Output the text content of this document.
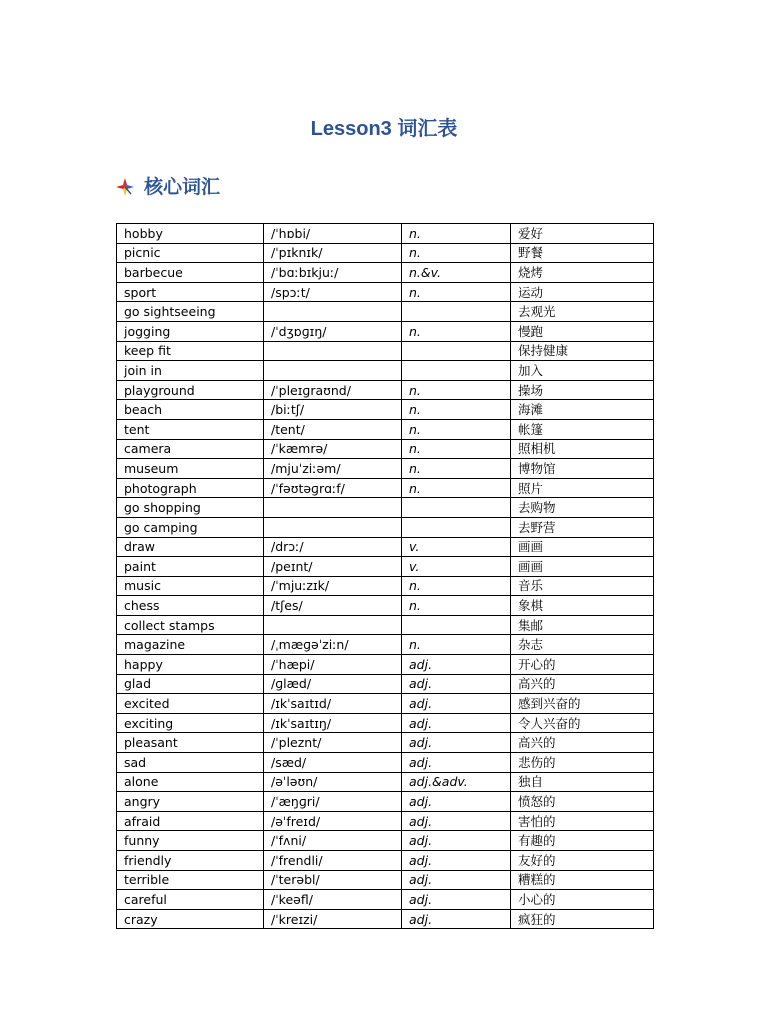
Lesson3 词汇表
核心词汇
hobby	/ˈhɒbi/	n.	爱好
picnic	/ˈpɪknɪk/	n.	野餐
barbecue	/ˈbɑːbɪkjuː/	n.&v.	烧烤
sport	/spɔːt/	n.	运动
go sightseeing			去观光
jogging	/ˈdʒɒɡɪŋ/	n.	慢跑
keep fit			保持健康
join in			加入
playground	/ˈpleɪɡraʊnd/	n.	操场
beach	/biːtʃ/	n.	海滩
tent	/tent/	n.	帐篷
camera	/ˈkæmrə/	n.	照相机
museum	/mjuˈziːəm/	n.	博物馆
photograph	/ˈfəʊtəɡrɑːf/	n.	照片
go shopping			去购物
go camping			去野营
draw	/drɔː/	v.	画画
paint	/peɪnt/	v.	画画
music	/ˈmjuːzɪk/	n.	音乐
chess	/tʃes/	n.	象棋
collect stamps			集邮
magazine	/ˌmæɡəˈziːn/	n.	杂志
happy	/ˈhæpi/	adj.	开心的
glad	/ɡlæd/	adj.	高兴的
excited	/ɪkˈsaɪtɪd/	adj.	感到兴奋的
exciting	/ɪkˈsaɪtɪŋ/	adj.	令人兴奋的
pleasant	/ˈpleznt/	adj.	高兴的
sad	/sæd/	adj.	悲伤的
alone	/əˈləʊn/	adj.&adv.	独自
angry	/ˈæŋɡri/	adj.	愤怒的
afraid	/əˈfreɪd/	adj.	害怕的
funny	/ˈfʌni/	adj.	有趣的
friendly	/ˈfrendli/	adj.	友好的
terrible	/ˈterəbl/	adj.	糟糕的
careful	/ˈkeəfl/	adj.	小心的
crazy	/ˈkreɪzi/	adj.	疯狂的
